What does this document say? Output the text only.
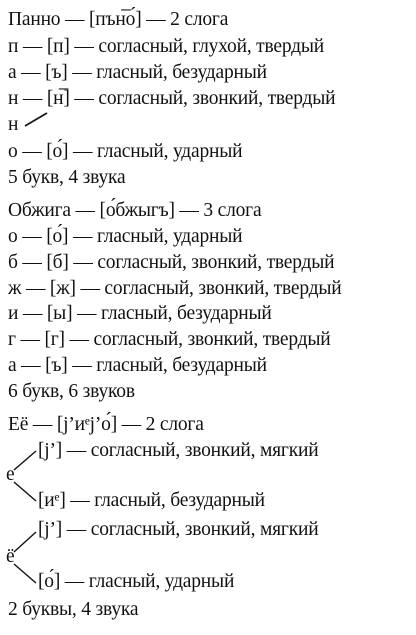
Панно — [пън̅о́] — 2 слога
п — [п] — согласный, глухой, твердый
а — [ъ] — гласный, безударный
н — [н̅] — согласный, звонкий, твердый
н
о — [о́] — гласный, ударный
5 букв, 4 звука
Обжига — [о́бжыгъ] — 3 слога
о — [о́] — гласный, ударный
б — [б] — согласный, звонкий, твердый
ж — [ж] — согласный, звонкий, твердый
и — [ы] — гласный, безударный
г — [г] — согласный, звонкий, твердый
а — [ъ] — гласный, безударный
6 букв, 6 звуков
Её — [j’иᵉj’о́] — 2 слога
[j’] — согласный, звонкий, мягкий
е
[иᵉ] — гласный, безударный
[j’] — согласный, звонкий, мягкий
ё
[о́] — гласный, ударный
2 буквы, 4 звука
